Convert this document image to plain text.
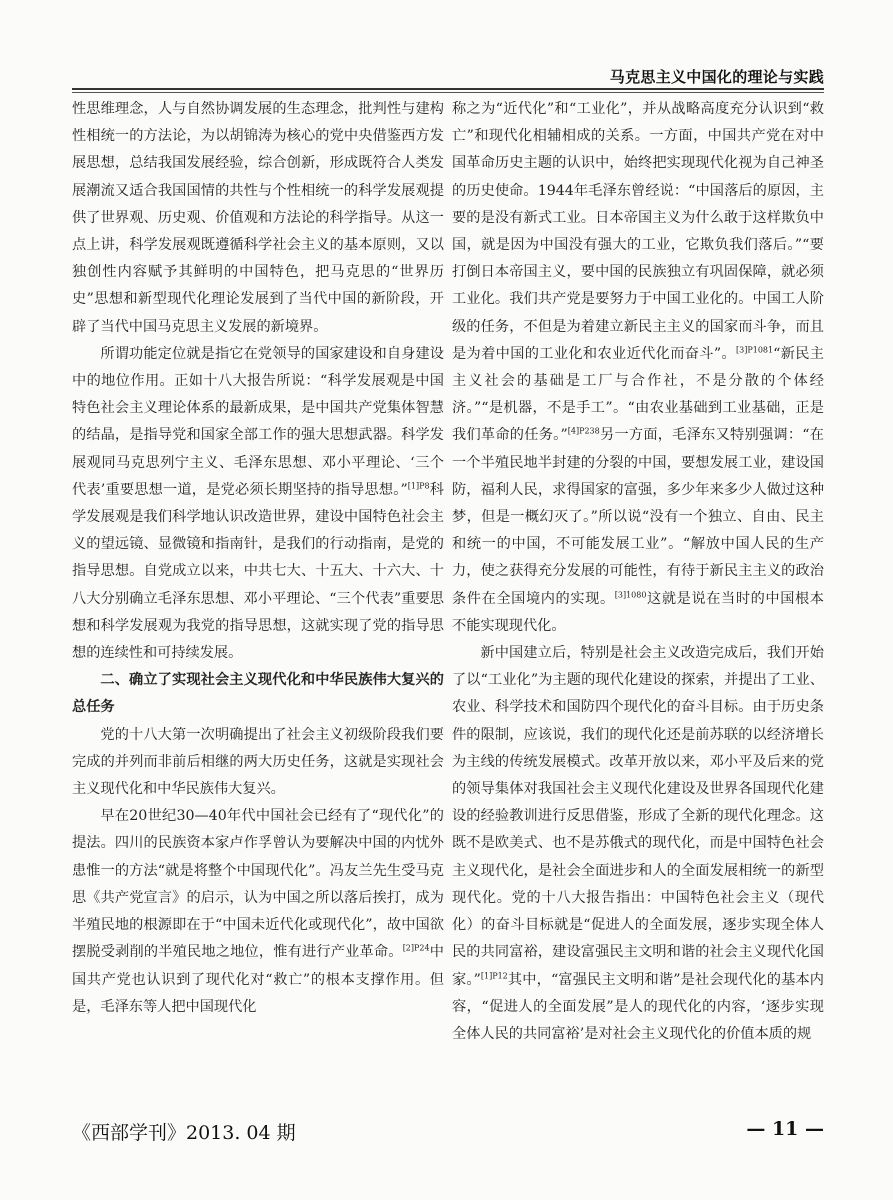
马克思主义中国化的理论与实践

性思维理念，人与自然协调发展的生态理念，批判性与建构性相统一的方法论，为以胡锦涛为核心的党中央借鉴西方发展思想，总结我国发展经验，综合创新，形成既符合人类发展潮流又适合我国国情的共性与个性相统一的科学发展观提供了世界观、历史观、价值观和方法论的科学指导。从这一点上讲，科学发展观既遵循科学社会主义的基本原则，又以独创性内容赋予其鲜明的中国特色，把马克思的“世界历史”思想和新型现代化理论发展到了当代中国的新阶段，开辟了当代中国马克思主义发展的新境界。

所谓功能定位就是指它在党领导的国家建设和自身建设中的地位作用。正如十八大报告所说：“科学发展观是中国特色社会主义理论体系的最新成果，是中国共产党集体智慧的结晶，是指导党和国家全部工作的强大思想武器。科学发展观同马克思列宁主义、毛泽东思想、邓小平理论、‘三个代表’重要思想一道，是党必须长期坚持的指导思想。”$^{[1]P8}$科学发展观是我们科学地认识改造世界，建设中国特色社会主义的望远镜、显微镜和指南针，是我们的行动指南，是党的指导思想。自党成立以来，中共七大、十五大、十六大、十八大分别确立毛泽东思想、邓小平理论、“三个代表”重要思想和科学发展观为我党的指导思想，这就实现了党的指导思想的连续性和可持续发展。

二、确立了实现社会主义现代化和中华民族伟大复兴的总任务

党的十八大第一次明确提出了社会主义初级阶段我们要完成的并列而非前后相继的两大历史任务，这就是实现社会主义现代化和中华民族伟大复兴。

早在20世纪30—40年代中国社会已经有了“现代化”的提法。四川的民族资本家卢作孚曾认为要解决中国的内忧外患惟一的方法“就是将整个中国现代化”。冯友兰先生受马克思《共产党宣言》的启示，认为中国之所以落后挨打，成为半殖民地的根源即在于“中国未近代化或现代化”，故中国欲摆脱受剥削的半殖民地之地位，惟有进行产业革命。$^{[2]P24}$中国共产党也认识到了现代化对“救亡”的根本支撑作用。但是，毛泽东等人把中国现代化

称之为“近代化”和“工业化”，并从战略高度充分认识到“救亡”和现代化相辅相成的关系。一方面，中国共产党在对中国革命历史主题的认识中，始终把实现现代化视为自己神圣的历史使命。1944年毛泽东曾经说：“中国落后的原因，主要的是没有新式工业。日本帝国主义为什么敢于这样欺负中国，就是因为中国没有强大的工业，它欺负我们落后。”“要打倒日本帝国主义，要中国的民族独立有巩固保障，就必须工业化。我们共产党是要努力于中国工业化的。中国工人阶级的任务，不但是为着建立新民主主义的国家而斗争，而且是为着中国的工业化和农业近代化而奋斗”。$^{[3]P1081}$“新民主主义社会的基础是工厂与合作社，不是分散的个体经济。”“是机器，不是手工”。“由农业基础到工业基础，正是我们革命的任务。”$^{[4]P238}$另一方面，毛泽东又特别强调：“在一个半殖民地半封建的分裂的中国，要想发展工业，建设国防，福利人民，求得国家的富强，多少年来多少人做过这种梦，但是一概幻灭了。”所以说“没有一个独立、自由、民主和统一的中国，不可能发展工业”。“解放中国人民的生产力，使之获得充分发展的可能性，有待于新民主主义的政治条件在全国境内的实现。$^{[3]1080}$这就是说在当时的中国根本不能实现现代化。

新中国建立后，特别是社会主义改造完成后，我们开始了以“工业化”为主题的现代化建设的探索，并提出了工业、农业、科学技术和国防四个现代化的奋斗目标。由于历史条件的限制，应该说，我们的现代化还是前苏联的以经济增长为主线的传统发展模式。改革开放以来，邓小平及后来的党的领导集体对我国社会主义现代化建设及世界各国现代化建设的经验教训进行反思借鉴，形成了全新的现代化理念。这既不是欧美式、也不是苏俄式的现代化，而是中国特色社会主义现代化，是社会全面进步和人的全面发展相统一的新型现代化。党的十八大报告指出：中国特色社会主义（现代化）的奋斗目标就是“促进人的全面发展，逐步实现全体人民的共同富裕，建设富强民主文明和谐的社会主义现代化国家。”$^{[1]P12}$其中，“富强民主文明和谐”是社会现代化的基本内容，“促进人的全面发展”是人的现代化的内容，‘逐步实现全体人民的共同富裕’是对社会主义现代化的价值本质的规

《西部学刊》2013. 04 期	— 11 —
